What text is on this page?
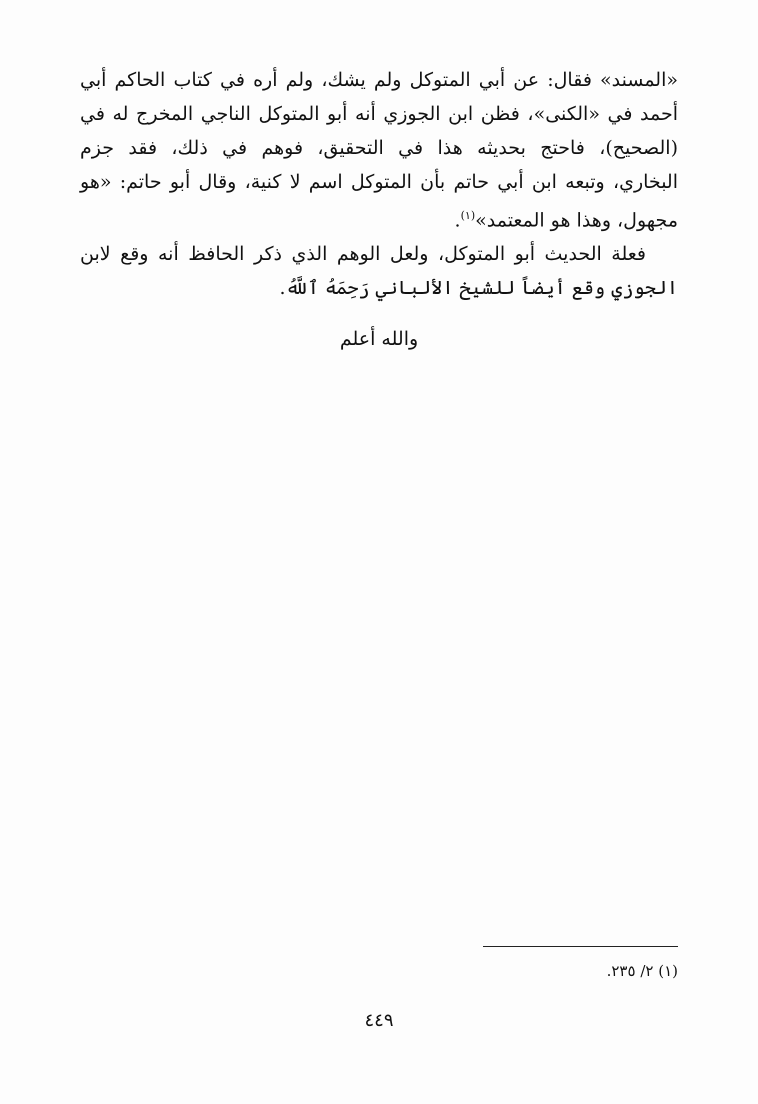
«المسند» فقال: عن أبي المتوكل ولم يشك، ولم أره في كتاب الحاكم أبي
أحمد في «الكنى»، فظن ابن الجوزي أنه أبو المتوكل الناجي المخرج له في
(الصحيح)، فاحتج بحديثه هذا في التحقيق، فوهم في ذلك، فقد جزم
البخاري، وتبعه ابن أبي حاتم بأن المتوكل اسم لا كنية، وقال أبو حاتم: «هو
مجهول، وهذا هو المعتمد»$^{(١)}$.
فعلة الحديث أبو المتوكل، ولعل الوهم الذي ذكر الحافظ أنه وقع لابن
الجوزي وقع أيضاً للشيخ الألباني رَحِمَهُ ٱللَّهُ.
والله أعلم
(١) ٢/ ٢٣٥.
٤٤٩
